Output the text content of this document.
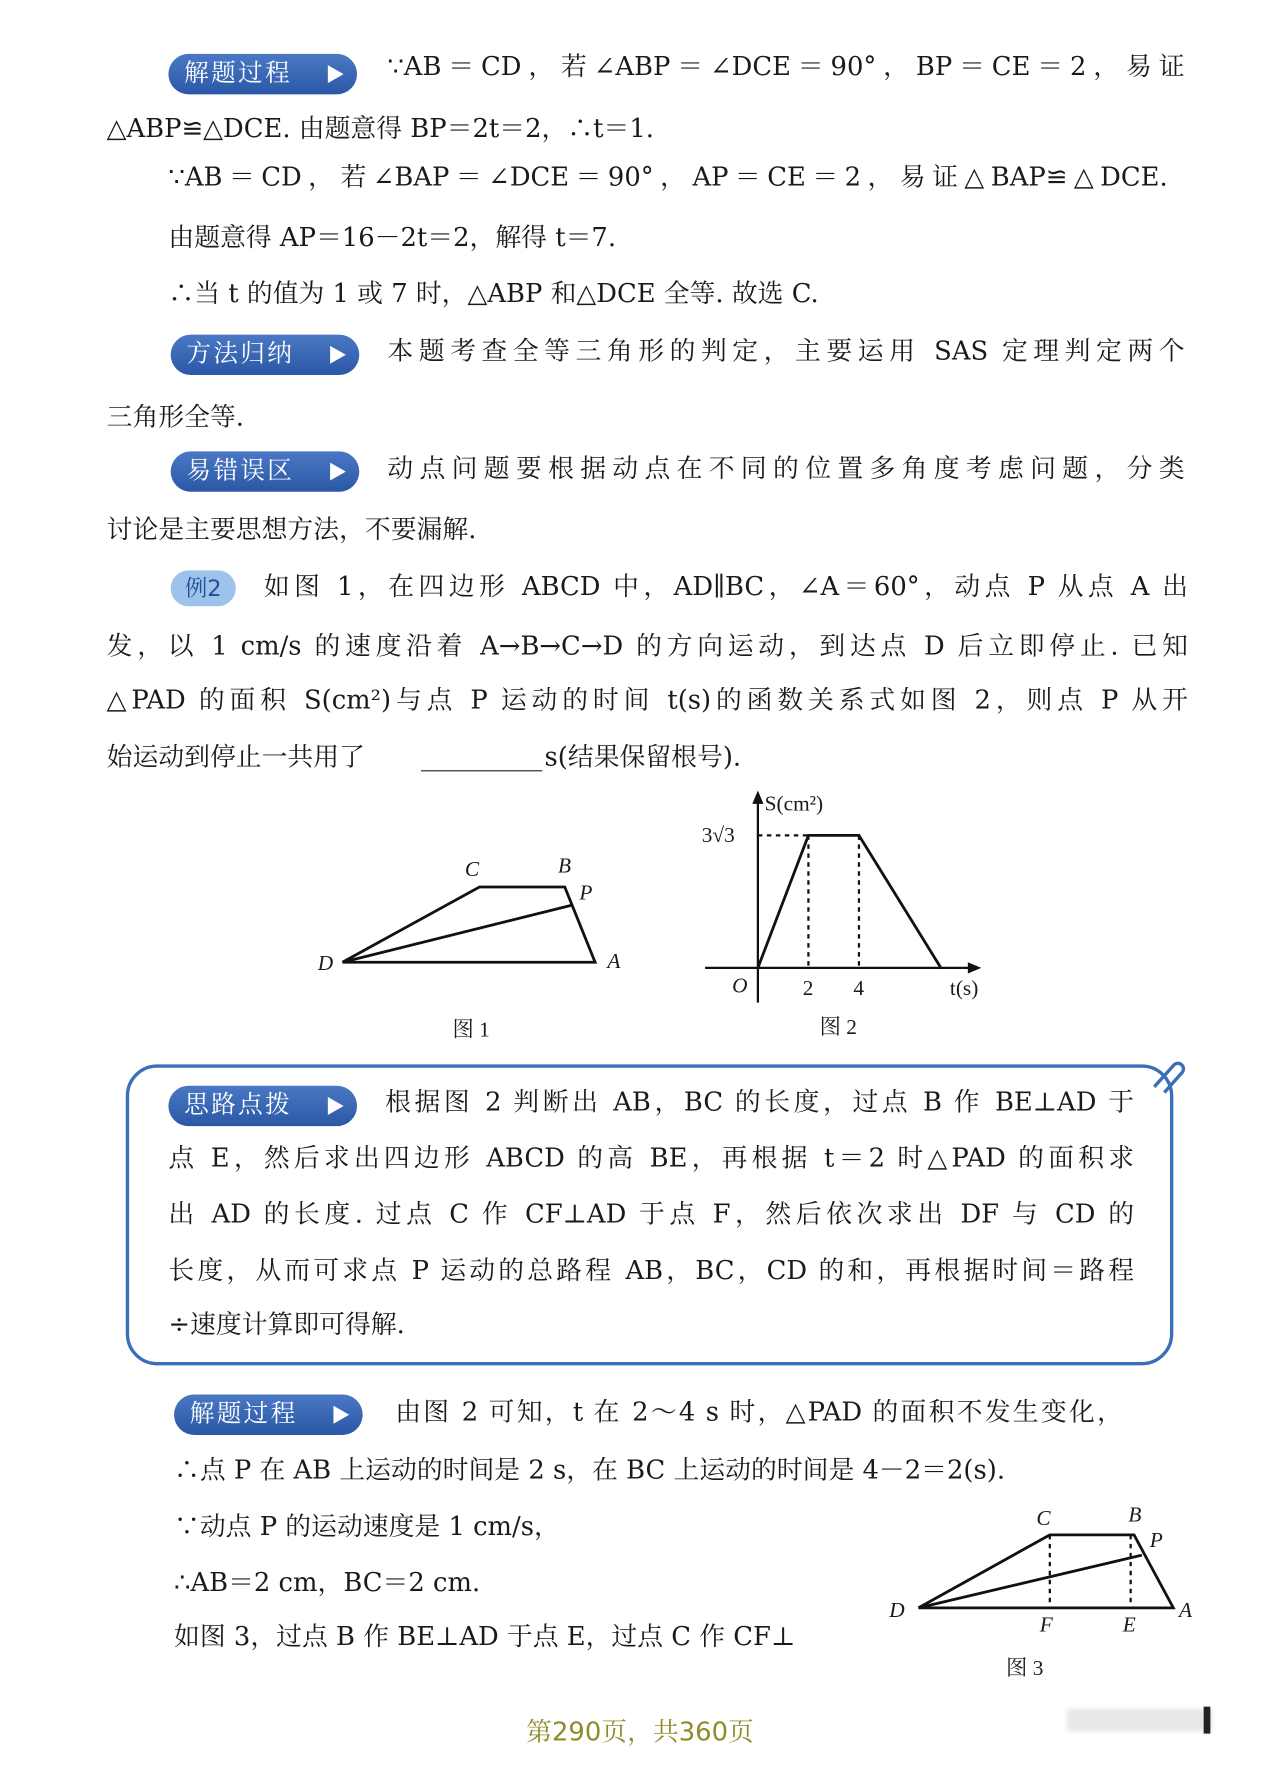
解题过程	∵AB＝CD，若∠ABP＝∠DCE＝90°，BP＝CE＝2，易证
△ABP≌△DCE. 由题意得 BP＝2t＝2，∴t＝1.
∵AB＝CD，若∠BAP＝∠DCE＝90°，AP＝CE＝2，易证△BAP≌△DCE.
由题意得 AP＝16－2t＝2，解得 t＝7.
∴当 t 的值为 1 或 7 时，△ABP 和△DCE 全等. 故选 C.
方法归纳	本题考查全等三角形的判定，主要运用 SAS 定理判定两个
三角形全等.
易错误区	动点问题要根据动点在不同的位置多角度考虑问题，分类
讨论是主要思想方法，不要漏解.
例2	如图 1，在四边形 ABCD 中，AD∥BC，∠A＝60°，动点 P 从点 A 出
发，以 1 cm/s 的速度沿着 A→B→C→D 的方向运动，到达点 D 后立即停止. 已知
△PAD 的面积 S(cm²)与点 P 运动的时间 t(s)的函数关系式如图 2，则点 P 从开
始运动到停止一共用了	s(结果保留根号).
C	B
P
D	A
图 1
S(cm²)
3√3
O	2 4	t(s)
图 2
思路点拨	根据图 2 判断出 AB，BC 的长度，过点 B 作 BE⊥AD 于
点 E，然后求出四边形 ABCD 的高 BE，再根据 t＝2 时△PAD 的面积求
出 AD 的长度. 过点 C 作 CF⊥AD 于点 F，然后依次求出 DF 与 CD 的
长度，从而可求点 P 运动的总路程 AB，BC，CD 的和，再根据时间＝路程
÷速度计算即可得解.
解题过程	由图 2 可知，t 在 2～4 s 时，△PAD 的面积不发生变化，
∴点 P 在 AB 上运动的时间是 2 s，在 BC 上运动的时间是 4－2＝2(s).
∵动点 P 的运动速度是 1 cm/s，
∴AB＝2 cm，BC＝2 cm.
如图 3，过点 B 作 BE⊥AD 于点 E，过点 C 作 CF⊥
C	B
P
D	A
F	E
图 3
第290页，共360页
